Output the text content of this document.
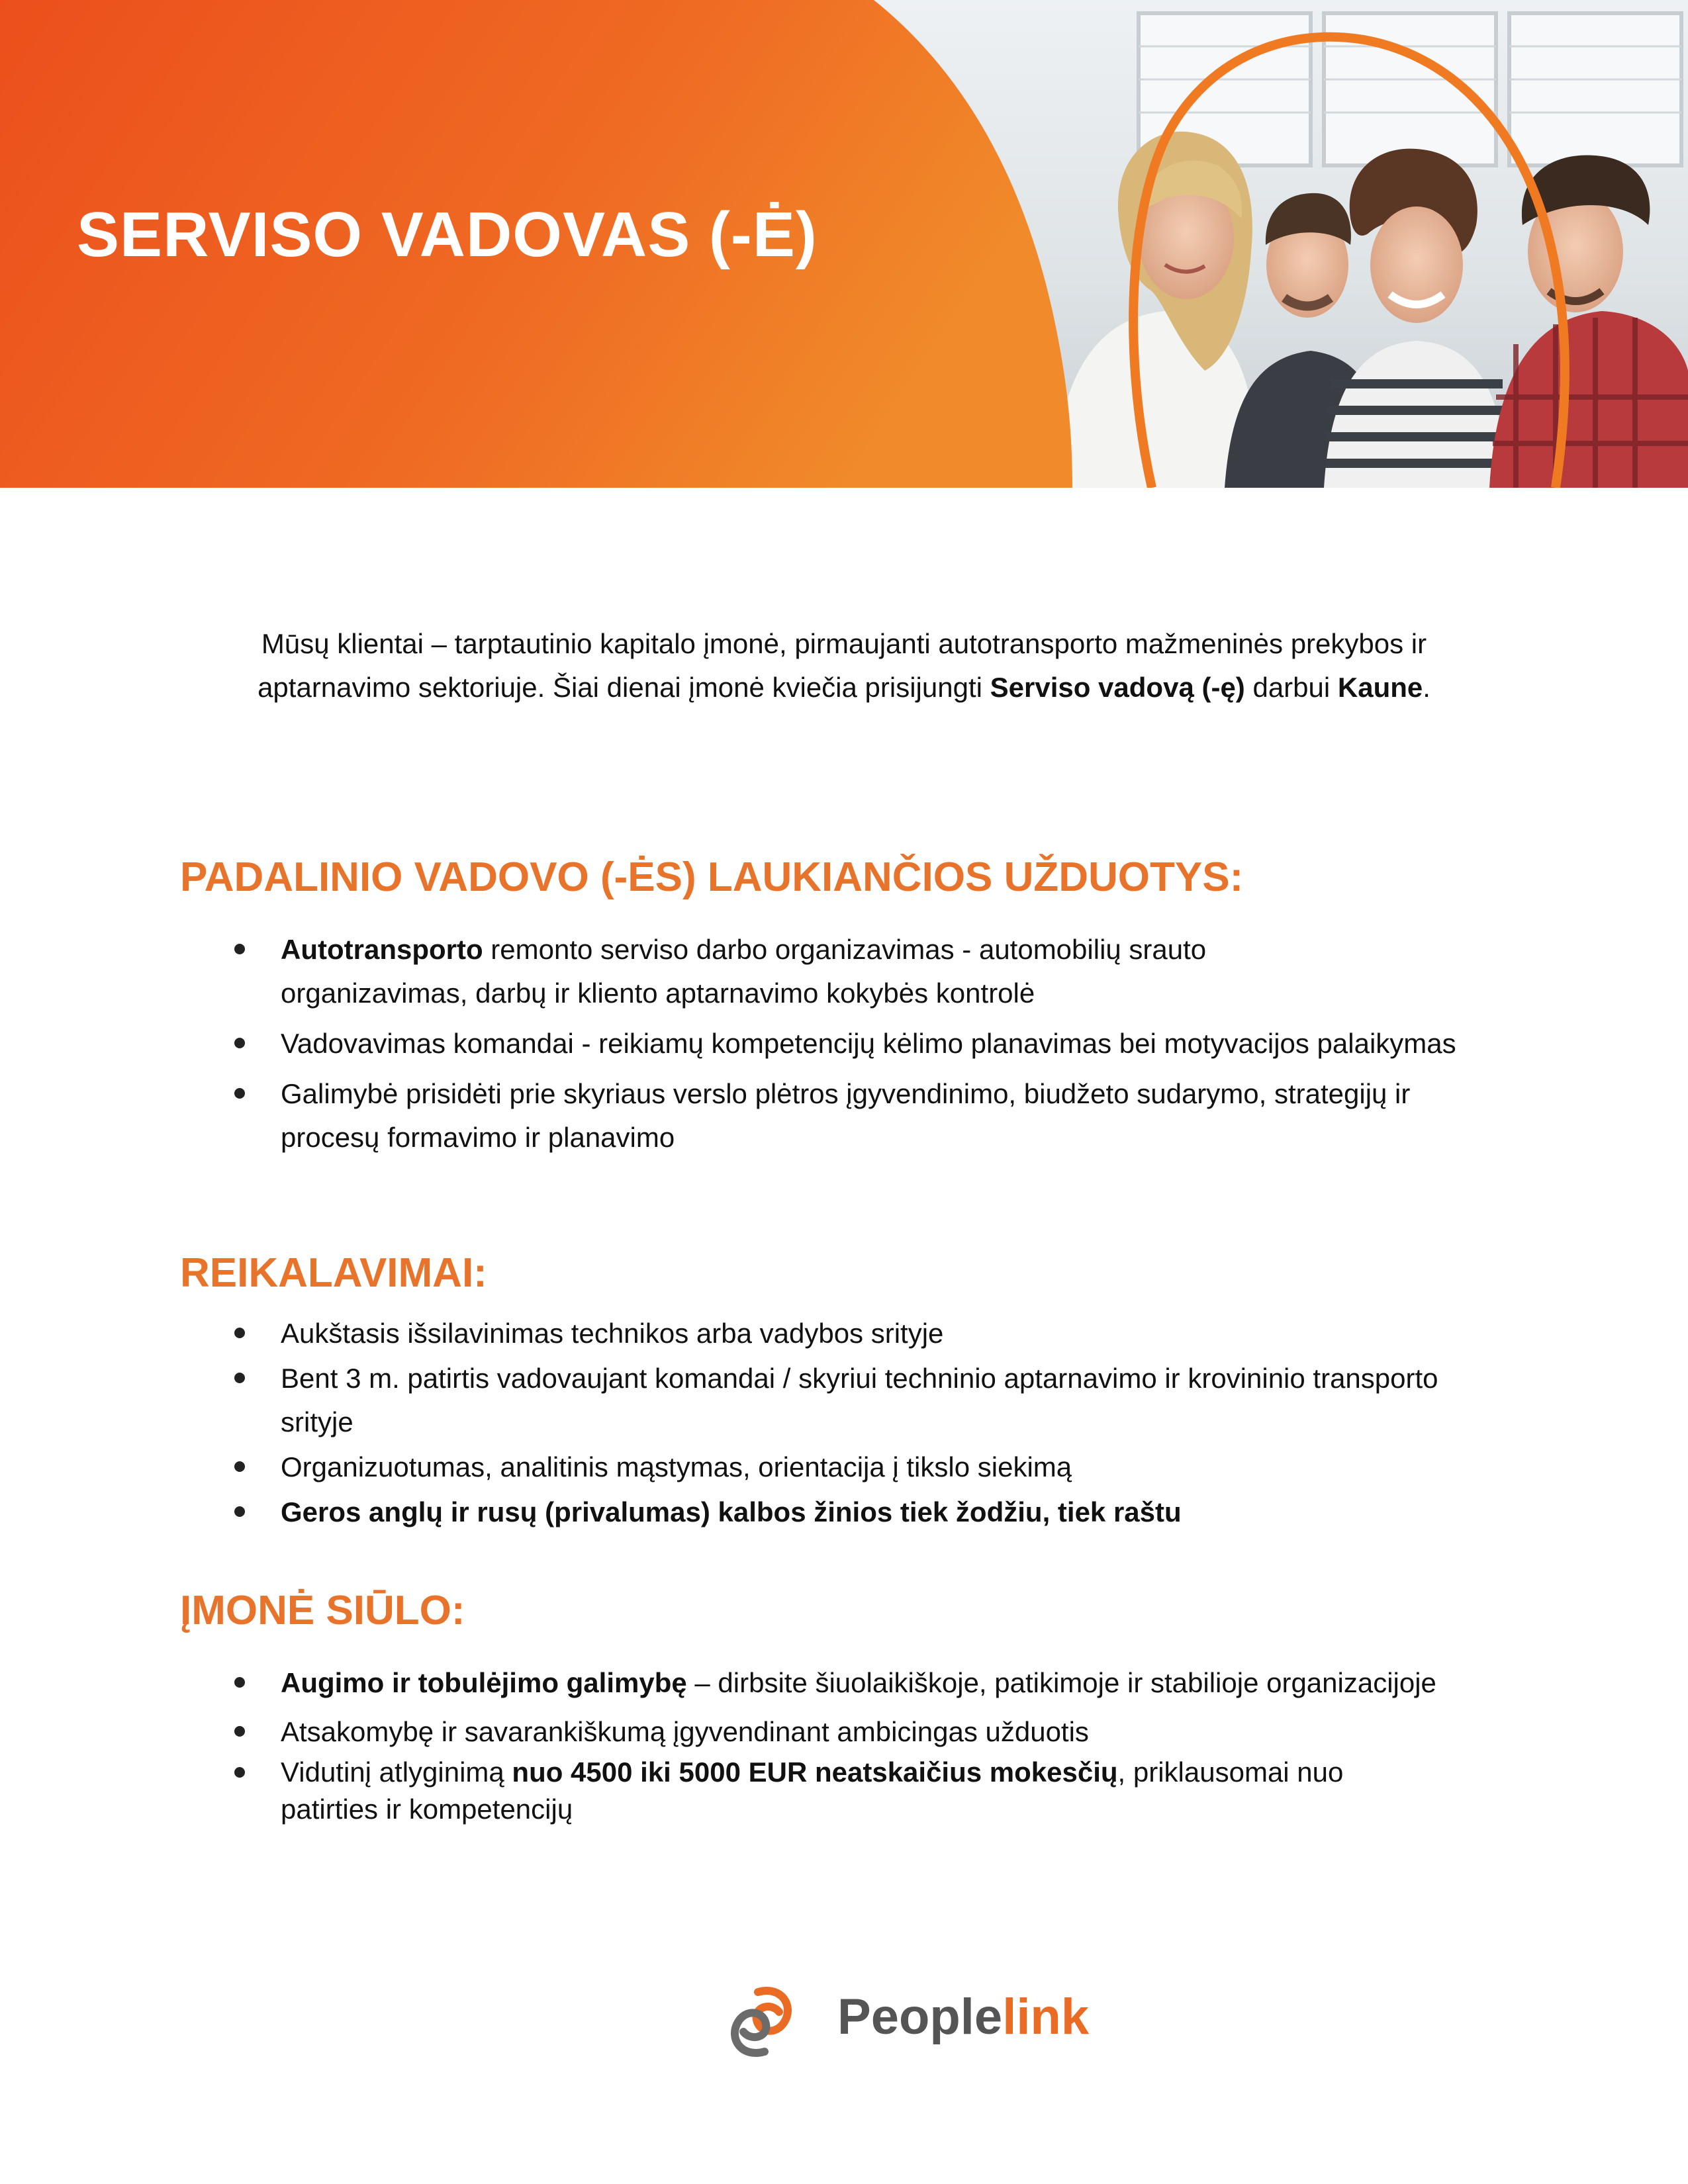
SERVISO VADOVAS (-Ė)

Mūsų klientai – tarptautinio kapitalo įmonė, pirmaujanti autotransporto mažmeninės prekybos ir
aptarnavimo sektoriuje. Šiai dienai įmonė kviečia prisijungti Serviso vadovą (-ę) darbui Kaune.

PADALINIO VADOVO (-ĖS) LAUKIANČIOS UŽDUOTYS:
Autotransporto remonto serviso darbo organizavimas - automobilių srauto
organizavimas, darbų ir kliento aptarnavimo kokybės kontrolė
Vadovavimas komandai - reikiamų kompetencijų kėlimo planavimas bei motyvacijos palaikymas
Galimybė prisidėti prie skyriaus verslo plėtros įgyvendinimo, biudžeto sudarymo, strategijų ir
procesų formavimo ir planavimo
REIKALAVIMAI:
Aukštasis išsilavinimas technikos arba vadybos srityje
Bent 3 m. patirtis vadovaujant komandai / skyriui techninio aptarnavimo ir krovininio transporto
srityje
Organizuotumas, analitinis mąstymas, orientacija į tikslo siekimą
Geros anglų ir rusų (privalumas) kalbos žinios tiek žodžiu, tiek raštu
ĮMONĖ SIŪLO:
Augimo ir tobulėjimo galimybę – dirbsite šiuolaikiškoje, patikimoje ir stabilioje organizacijoje
Atsakomybę ir savarankiškumą įgyvendinant ambicingas užduotis
Vidutinį atlyginimą nuo 4500 iki 5000 EUR neatskaičius mokesčių, priklausomai nuo
patirties ir kompetencijų
Peoplelink
